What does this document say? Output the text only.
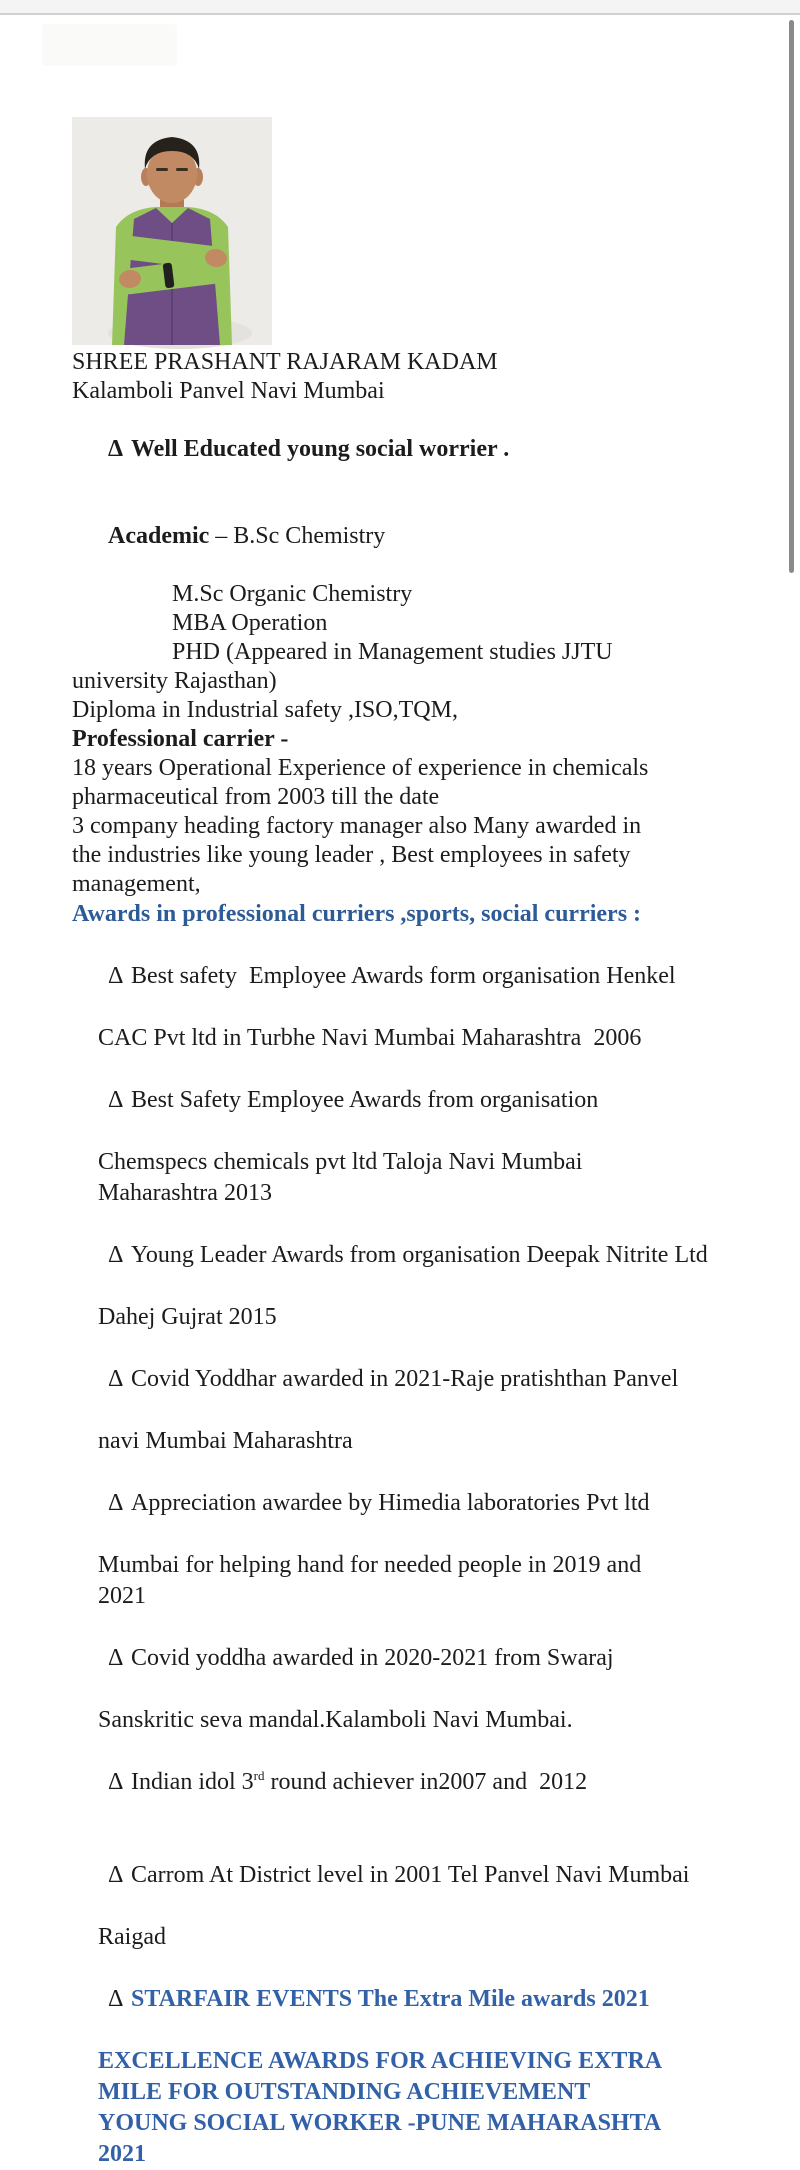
SHREE PRASHANT RAJARAM KADAM
Kalamboli Panvel Navi Mumbai

Δ Well Educated young social worrier .

Academic – B.Sc Chemistry

M.Sc Organic Chemistry
MBA Operation
PHD (Appeared in Management studies JJTU
university Rajasthan)
Diploma in Industrial safety ,ISO,TQM,
Professional carrier -
18 years Operational Experience of experience in chemicals
pharmaceutical from 2003 till the date
3 company heading factory manager also Many awarded in
the industries like young leader , Best employees in safety
management,
Awards in professional curriers ,sports, social curriers :

Δ Best safety  Employee Awards form organisation Henkel

CAC Pvt ltd in Turbhe Navi Mumbai Maharashtra  2006

Δ Best Safety Employee Awards from organisation

Chemspecs chemicals pvt ltd Taloja Navi Mumbai
Maharashtra 2013

Δ Young Leader Awards from organisation Deepak Nitrite Ltd

Dahej Gujrat 2015

Δ Covid Yoddhar awarded in 2021-Raje pratishthan Panvel

navi Mumbai Maharashtra

Δ Appreciation awardee by Himedia laboratories Pvt ltd

Mumbai for helping hand for needed people in 2019 and
2021

Δ Covid yoddha awarded in 2020-2021 from Swaraj

Sanskritic seva mandal.Kalamboli Navi Mumbai.

Δ Indian idol 3rd round achiever in2007 and  2012

Δ Carrom At District level in 2001 Tel Panvel Navi Mumbai

Raigad

Δ STARFAIR EVENTS The Extra Mile awards 2021

EXCELLENCE AWARDS FOR ACHIEVING EXTRA
MILE FOR OUTSTANDING ACHIEVEMENT
YOUNG SOCIAL WORKER -PUNE MAHARASHTA
2021
